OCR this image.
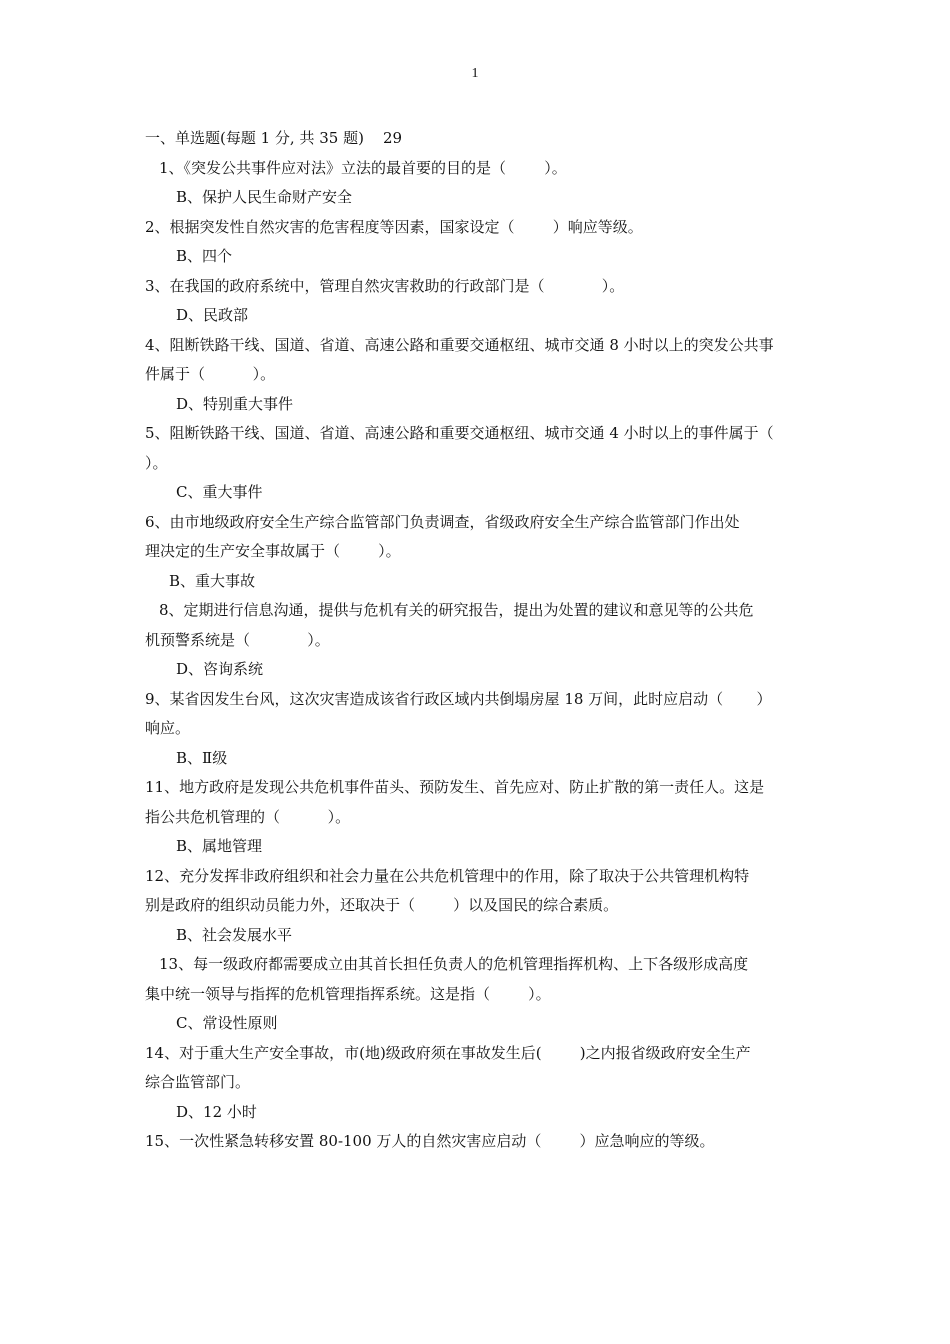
1
一、单选题(每题 1 分, 共 35 题)    29
1、《突发公共事件应对法》立法的最首要的目的是（        ）。
B、保护人民生命财产安全
2、根据突发性自然灾害的危害程度等因素，国家设定（        ）响应等级。
B、四个
3、在我国的政府系统中，管理自然灾害救助的行政部门是（            ）。
D、民政部
4、阻断铁路干线、国道、省道、高速公路和重要交通枢纽、城市交通 8 小时以上的突发公共事
件属于（          ）。
D、特别重大事件
5、阻断铁路干线、国道、省道、高速公路和重要交通枢纽、城市交通 4 小时以上的事件属于（
）。
C、重大事件
6、由市地级政府安全生产综合监管部门负责调查，省级政府安全生产综合监管部门作出处
理决定的生产安全事故属于（        ）。
B、重大事故
8、定期进行信息沟通，提供与危机有关的研究报告，提出为处置的建议和意见等的公共危
机预警系统是（            ）。
D、咨询系统
9、某省因发生台风，这次灾害造成该省行政区域内共倒塌房屋 18 万间，此时应启动（       ）
响应。
B、Ⅱ级
11、地方政府是发现公共危机事件苗头、预防发生、首先应对、防止扩散的第一责任人。这是
指公共危机管理的（          ）。
B、属地管理
12、充分发挥非政府组织和社会力量在公共危机管理中的作用，除了取决于公共管理机构特
别是政府的组织动员能力外，还取决于（        ）以及国民的综合素质。
B、社会发展水平
13、每一级政府都需要成立由其首长担任负责人的危机管理指挥机构、上下各级形成高度
集中统一领导与指挥的危机管理指挥系统。这是指（        ）。
C、常设性原则
14、对于重大生产安全事故，市(地)级政府须在事故发生后(        )之内报省级政府安全生产
综合监管部门。
D、12 小时
15、一次性紧急转移安置 80-100 万人的自然灾害应启动（        ）应急响应的等级。
